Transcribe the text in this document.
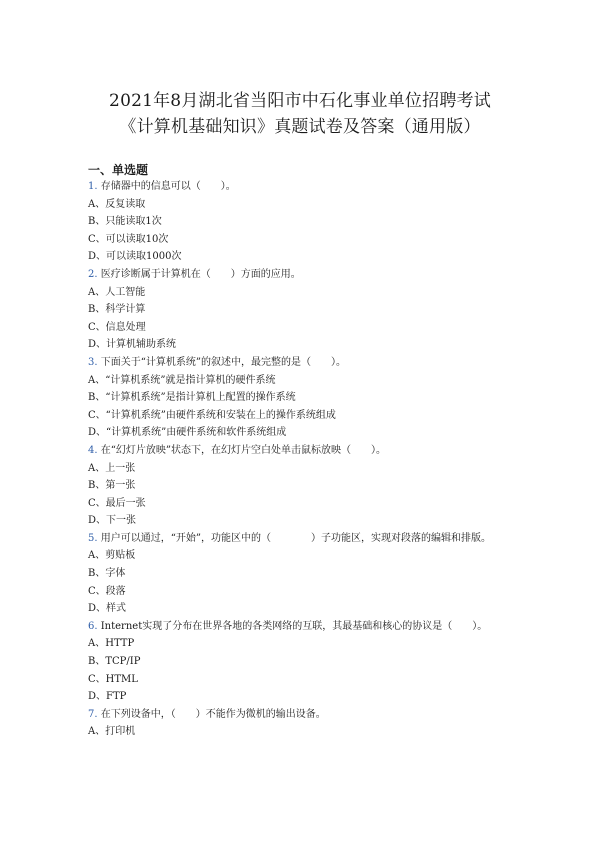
2021年8月湖北省当阳市中石化事业单位招聘考试
《计算机基础知识》真题试卷及答案（通用版）
一、单选题
1. 存储器中的信息可以（　　）。
A、反复读取
B、只能读取1次
C、可以读取10次
D、可以读取1000次
2. 医疗诊断属于计算机在（　　）方面的应用。
A、人工智能
B、科学计算
C、信息处理
D、计算机辅助系统
3. 下面关于“计算机系统”的叙述中，最完整的是（　　）。
A、“计算机系统”就是指计算机的硬件系统
B、“计算机系统”是指计算机上配置的操作系统
C、“计算机系统”由硬件系统和安装在上的操作系统组成
D、“计算机系统”由硬件系统和软件系统组成
4. 在“幻灯片放映”状态下，在幻灯片空白处单击鼠标放映（　　）。
A、上一张
B、第一张
C、最后一张
D、下一张
5. 用户可以通过，“开始”，功能区中的（　　　　）子功能区，实现对段落的编辑和排版。
A、剪贴板
B、字体
C、段落
D、样式
6. Internet实现了分布在世界各地的各类网络的互联，其最基础和核心的协议是（　　）。
A、HTTP
B、TCP/IP
C、HTML
D、FTP
7. 在下列设备中，（　　）不能作为微机的输出设备。
A、打印机
